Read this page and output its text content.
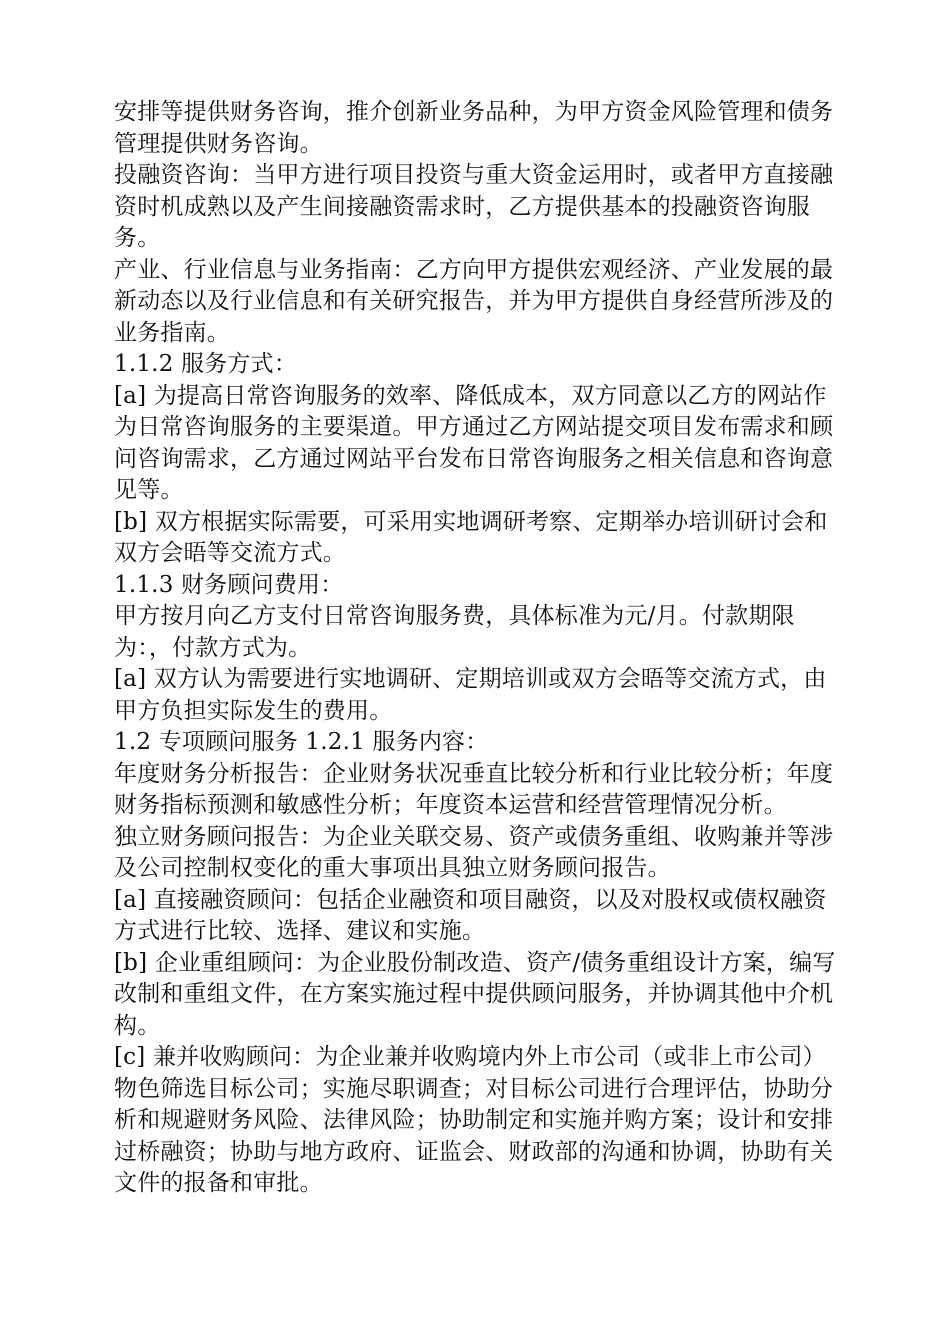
安排等提供财务咨询，推介创新业务品种，为甲方资金风险管理和债务
管理提供财务咨询。
投融资咨询：当甲方进行项目投资与重大资金运用时，或者甲方直接融
资时机成熟以及产生间接融资需求时，乙方提供基本的投融资咨询服
务。
产业、行业信息与业务指南：乙方向甲方提供宏观经济、产业发展的最
新动态以及行业信息和有关研究报告，并为甲方提供自身经营所涉及的
业务指南。
1.1.2 服务方式：
[a] 为提高日常咨询服务的效率、降低成本，双方同意以乙方的网站作
为日常咨询服务的主要渠道。甲方通过乙方网站提交项目发布需求和顾
问咨询需求，乙方通过网站平台发布日常咨询服务之相关信息和咨询意
见等。
[b] 双方根据实际需要，可采用实地调研考察、定期举办培训研讨会和
双方会晤等交流方式。
1.1.3 财务顾问费用：
甲方按月向乙方支付日常咨询服务费，具体标准为元/月。付款期限
为：，付款方式为。
[a] 双方认为需要进行实地调研、定期培训或双方会晤等交流方式，由
甲方负担实际发生的费用。
1.2 专项顾问服务 1.2.1 服务内容：
年度财务分析报告：企业财务状况垂直比较分析和行业比较分析；年度
财务指标预测和敏感性分析；年度资本运营和经营管理情况分析。
独立财务顾问报告：为企业关联交易、资产或债务重组、收购兼并等涉
及公司控制权变化的重大事项出具独立财务顾问报告。
[a] 直接融资顾问：包括企业融资和项目融资，以及对股权或债权融资
方式进行比较、选择、建议和实施。
[b] 企业重组顾问：为企业股份制改造、资产/债务重组设计方案，编写
改制和重组文件，在方案实施过程中提供顾问服务，并协调其他中介机
构。
[c] 兼并收购顾问：为企业兼并收购境内外上市公司（或非上市公司）
物色筛选目标公司；实施尽职调查；对目标公司进行合理评估，协助分
析和规避财务风险、法律风险；协助制定和实施并购方案；设计和安排
过桥融资；协助与地方政府、证监会、财政部的沟通和协调，协助有关
文件的报备和审批。
